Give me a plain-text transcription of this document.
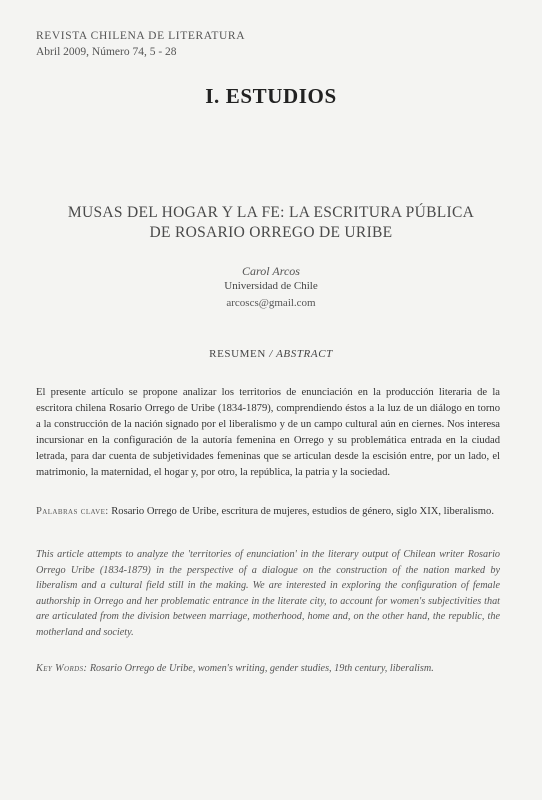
REVISTA CHILENA DE LITERATURA
Abril 2009, Número 74, 5 - 28
I. ESTUDIOS
MUSAS DEL HOGAR Y LA FE: LA ESCRITURA PÚBLICA
DE ROSARIO ORREGO DE URIBE
Carol Arcos
Universidad de Chile
arcoscs@gmail.com
RESUMEN / ABSTRACT

El presente artículo se propone analizar los territorios de enunciación en la producción literaria de la escritora chilena Rosario Orrego de Uribe (1834-1879), comprendiendo éstos a la luz de un diálogo en torno a la construcción de la nación signado por el liberalismo y de un campo cultural aún en ciernes. Nos interesa incursionar en la configuración de la autoría femenina en Orrego y su problemática entrada en la ciudad letrada, para dar cuenta de subjetividades femeninas que se articulan desde la escisión entre, por un lado, el matrimonio, la maternidad, el hogar y, por otro, la república, la patria y la sociedad.

Palabras clave: Rosario Orrego de Uribe, escritura de mujeres, estudios de género, siglo XIX, liberalismo.

This article attempts to analyze the 'territories of enunciation' in the literary output of Chilean writer Rosario Orrego Uribe (1834-1879) in the perspective of a dialogue on the construction of the nation marked by liberalism and a cultural field still in the making. We are interested in exploring the configuration of female authorship in Orrego and her problematic entrance in the literate city, to account for women's subjectivities that are articulated from the division between marriage, motherhood, home and, on the other hand, the republic, the motherland and society.

Key Words: Rosario Orrego de Uribe, women's writing, gender studies, 19th century, liberalism.
